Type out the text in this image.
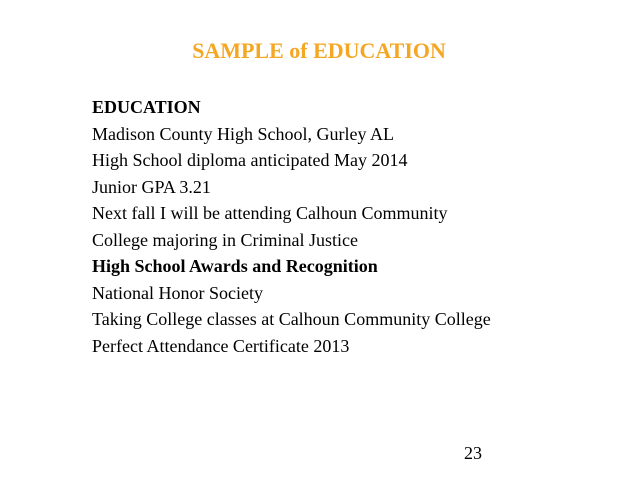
SAMPLE of EDUCATION
EDUCATION
Madison County High School, Gurley AL
High School diploma anticipated May 2014
Junior GPA 3.21
Next fall I will be attending Calhoun Community
College majoring in Criminal Justice
High School Awards and Recognition
National Honor Society
Taking College classes at Calhoun Community College
Perfect Attendance Certificate 2013
23
